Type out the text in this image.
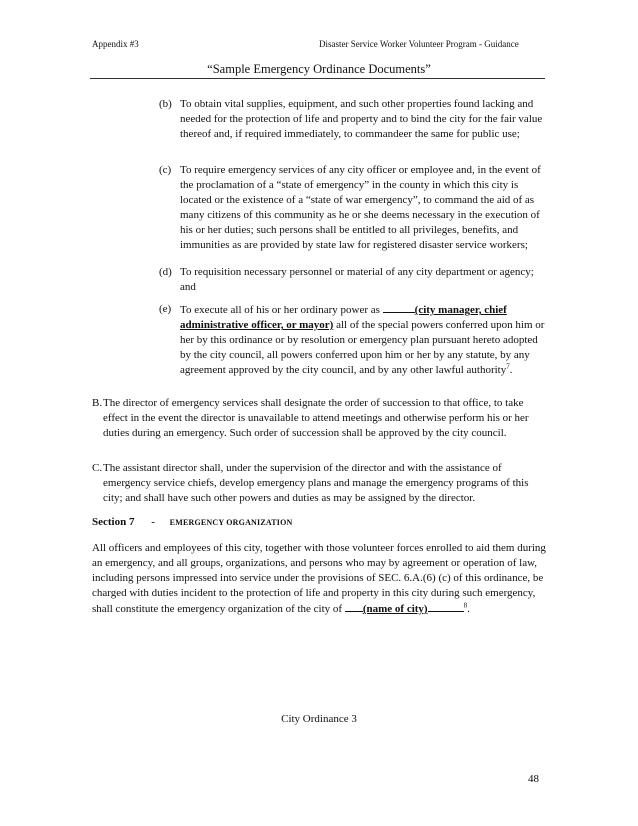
Appendix #3	Disaster Service Worker Volunteer Program - Guidance
“Sample Emergency Ordinance Documents”
(b) To obtain vital supplies, equipment, and such other properties found lacking and needed for the protection of life and property and to bind the city for the fair value thereof and, if required immediately, to commandeer the same for public use;
(c) To require emergency services of any city officer or employee and, in the event of the proclamation of a “state of emergency” in the county in which this city is located or the existence of a “state of war emergency”, to command the aid of as many citizens of this community as he or she deems necessary in the execution of his or her duties; such persons shall be entitled to all privileges, benefits, and immunities as are provided by state law for registered disaster service workers;
(d) To requisition necessary personnel or material of any city department or agency; and
(e) To execute all of his or her ordinary power as	(city manager, chief administrative officer, or mayor) all of the special powers conferred upon him or her by this ordinance or by resolution or emergency plan pursuant hereto adopted by the city council, all powers conferred upon him or her by any statute, by any agreement approved by the city council, and by any other lawful authority$^7$.
B. The director of emergency services shall designate the order of succession to that office, to take effect in the event the director is unavailable to attend meetings and otherwise perform his or her duties during an emergency. Such order of succession shall be approved by the city council.
C. The assistant director shall, under the supervision of the director and with the assistance of emergency service chiefs, develop emergency plans and manage the emergency programs of this city; and shall have such other powers and duties as may be assigned by the director.
Section 7 - EMERGENCY ORGANIZATION
All officers and employees of this city, together with those volunteer forces enrolled to aid them during an emergency, and all groups, organizations, and persons who may by agreement or operation of law, including persons impressed into service under the provisions of SEC. 6.A.(6) (c) of this ordinance, be charged with duties incident to the protection of life and property in this city during such emergency, shall constitute the emergency organization of the city of (name of city)	$^8$.
City Ordinance 3
48
